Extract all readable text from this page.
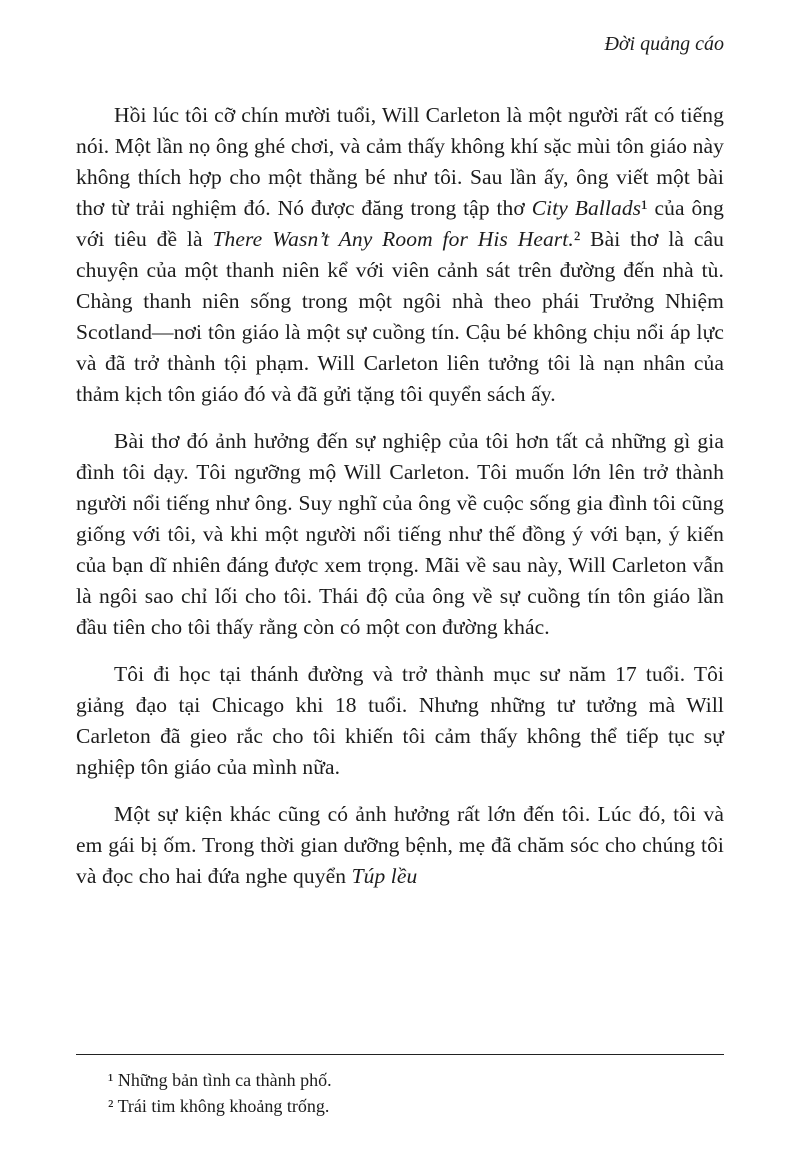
Đời quảng cáo

Hồi lúc tôi cỡ chín mười tuổi, Will Carleton là một người rất có tiếng nói. Một lần nọ ông ghé chơi, và cảm thấy không khí sặc mùi tôn giáo này không thích hợp cho một thằng bé như tôi. Sau lần ấy, ông viết một bài thơ từ trải nghiệm đó. Nó được đăng trong tập thơ City Ballads¹ của ông với tiêu đề là There Wasn’t Any Room for His Heart.² Bài thơ là câu chuyện của một thanh niên kể với viên cảnh sát trên đường đến nhà tù. Chàng thanh niên sống trong một ngôi nhà theo phái Trưởng Nhiệm Scotland—nơi tôn giáo là một sự cuồng tín. Cậu bé không chịu nổi áp lực và đã trở thành tội phạm. Will Carleton liên tưởng tôi là nạn nhân của thảm kịch tôn giáo đó và đã gửi tặng tôi quyển sách ấy.

Bài thơ đó ảnh hưởng đến sự nghiệp của tôi hơn tất cả những gì gia đình tôi dạy. Tôi ngưỡng mộ Will Carleton. Tôi muốn lớn lên trở thành người nổi tiếng như ông. Suy nghĩ của ông về cuộc sống gia đình tôi cũng giống với tôi, và khi một người nổi tiếng như thế đồng ý với bạn, ý kiến của bạn dĩ nhiên đáng được xem trọng. Mãi về sau này, Will Carleton vẫn là ngôi sao chỉ lối cho tôi. Thái độ của ông về sự cuồng tín tôn giáo lần đầu tiên cho tôi thấy rằng còn có một con đường khác.

Tôi đi học tại thánh đường và trở thành mục sư năm 17 tuổi. Tôi giảng đạo tại Chicago khi 18 tuổi. Nhưng những tư tưởng mà Will Carleton đã gieo rắc cho tôi khiến tôi cảm thấy không thể tiếp tục sự nghiệp tôn giáo của mình nữa.

Một sự kiện khác cũng có ảnh hưởng rất lớn đến tôi. Lúc đó, tôi và em gái bị ốm. Trong thời gian dưỡng bệnh, mẹ đã chăm sóc cho chúng tôi và đọc cho hai đứa nghe quyển Túp lều

¹ Những bản tình ca thành phố.

² Trái tim không khoảng trống.
